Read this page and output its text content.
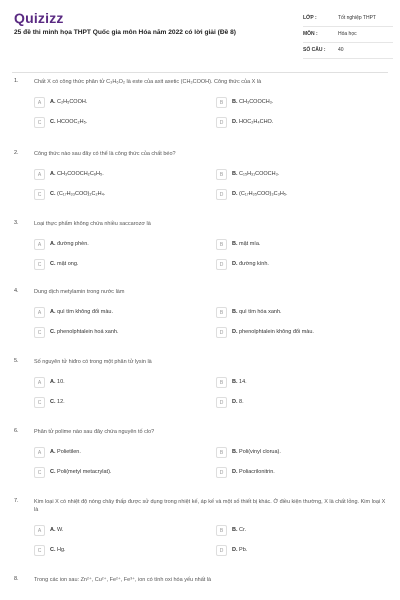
Quizizz
25 đề thi minh họa THPT Quốc gia môn Hóa năm 2022 có lời giải (Đề 8)
LỚP :	Tốt nghiệp THPT
MÔN :	Hóa học
SỐ CÂU :	40
1.	Chất X có công thức phân tử C₃H₆O₂ là este của axit axetic (CH₃COOH). Công thức của X là
A	A. C₂H₅COOH.	B	B. CH₃COOCH₃.
C	C. HCOOC₂H₅.	D	D. HOC₂H₄CHO.
2.	Công thức nào sau đây có thể là công thức của chất béo?
A	A. CH₃COOCH₂C₆H₅.	B	B. C₁₅H₃₁COOCH₃.
C	C. (C₁₇H₃₃COO)₂C₂H₄.	D	D. (C₁₇H₃₅COO)₃C₃H₅.
3.	Loại thực phẩm không chứa nhiều saccarozơ là
A	A. đường phèn.	B	B. mật mía.
C	C. mật ong.	D	D. đường kính.
4.	Dung dịch metylamin trong nước làm
A	A. quì tím không đổi màu.	B	B. quì tím hóa xanh.
C	C. phenolphtalein hoá xanh.	D	D. phenolphtalein không đổi màu.
5.	Số nguyên tử hiđro có trong một phân tử lysin là
A	A. 10.	B	B. 14.
C	C. 12.	D	D. 8.
6.	Phân tử polime nào sau đây chứa nguyên tố clo?
A	A. Polietilen.	B	B. Poli(vinyl clorua).
C	C. Poli(metyl metacrylat).	D	D. Poliacrilonitrin.
7.	Kim loại X có nhiệt độ nóng chảy thấp được sử dụng trong nhiệt kế, áp kế và một số thiết bị khác. Ở điều kiện thường, X là chất lỏng. Kim loại X là
A	A. W.	B	B. Cr.
C	C. Hg.	D	D. Pb.
8.	Trong các ion sau: Zn²⁺, Cu²⁺, Fe²⁺, Fe³⁺, ion có tính oxi hóa yếu nhất là
